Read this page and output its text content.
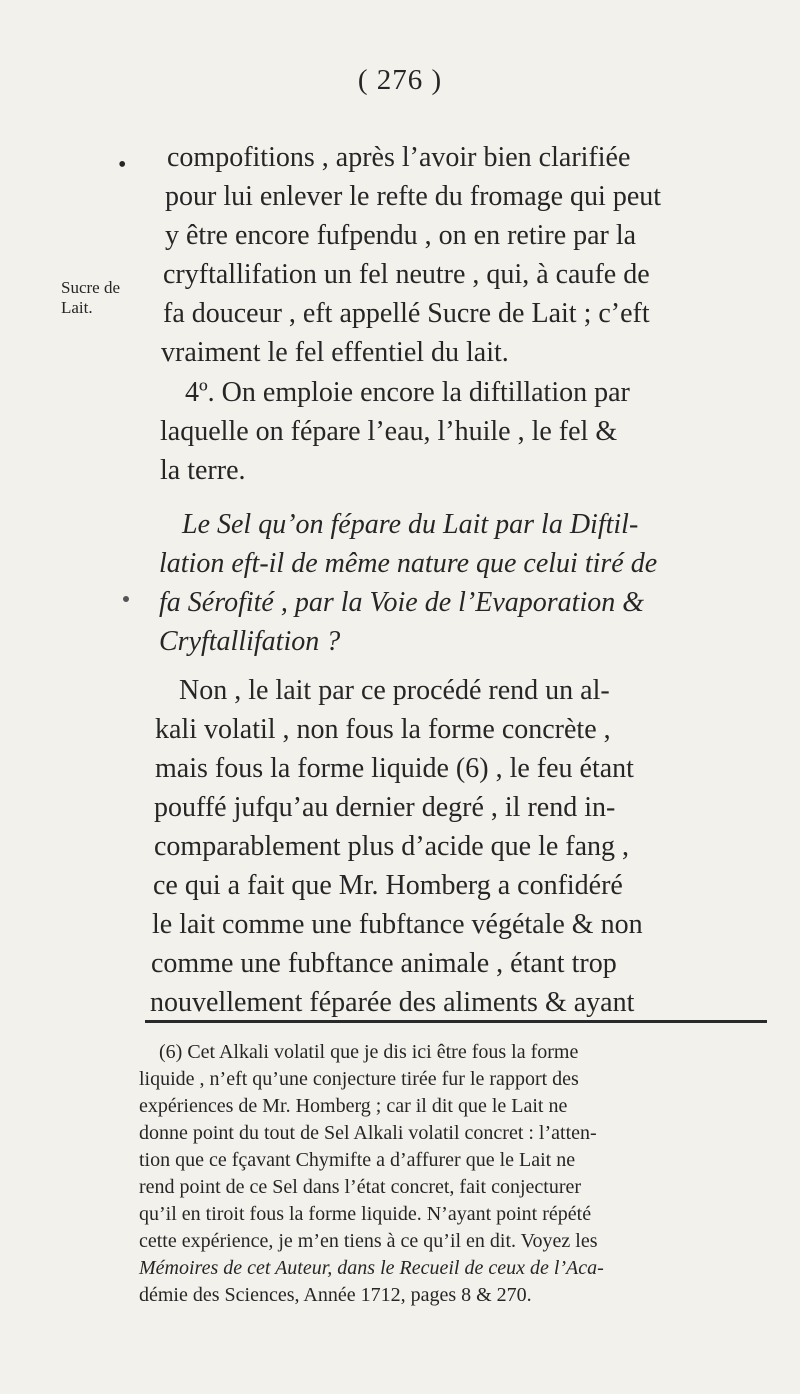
( 276 )
•
Sucre de
Lait.
compofitions , après l’avoir bien clarifiée
pour lui enlever le refte du fromage qui peut
y être encore fufpendu , on en retire par la
cryftallifation un fel neutre , qui, à caufe de
fa douceur , eft appellé Sucre de Lait ; c’eft
vraiment le fel effentiel du lait.
4º. On emploie encore la diftillation par
laquelle on fépare l’eau, l’huile , le fel &
la terre.
Le Sel qu’on fépare du Lait par la Diftil-
lation eft-il de même nature que celui tiré de
fa Sérofité , par la Voie de l’Evaporation &
Cryftallifation ?
Non , le lait par ce procédé rend un al-
kali volatil , non fous la forme concrète ,
mais fous la forme liquide (6) , le feu étant
pouffé jufqu’au dernier degré , il rend in-
comparablement plus d’acide que le fang ,
ce qui a fait que Mr. Homberg a confidéré
le lait comme une fubftance végétale & non
comme une fubftance animale , étant trop
nouvellement féparée des aliments & ayant
(6) Cet Alkali volatil que je dis ici être fous la forme
liquide , n’eft qu’une conjecture tirée fur le rapport des
expériences de Mr. Homberg ; car il dit que le Lait ne
donne point du tout de Sel Alkali volatil concret : l’atten-
tion que ce fçavant Chymifte a d’affurer que le Lait ne
rend point de ce Sel dans l’état concret, fait conjecturer
qu’il en tiroit fous la forme liquide. N’ayant point répété
cette expérience, je m’en tiens à ce qu’il en dit. Voyez les
Mémoires de cet Auteur, dans le Recueil de ceux de l’Aca-
démie des Sciences, Année 1712, pages 8 & 270.
